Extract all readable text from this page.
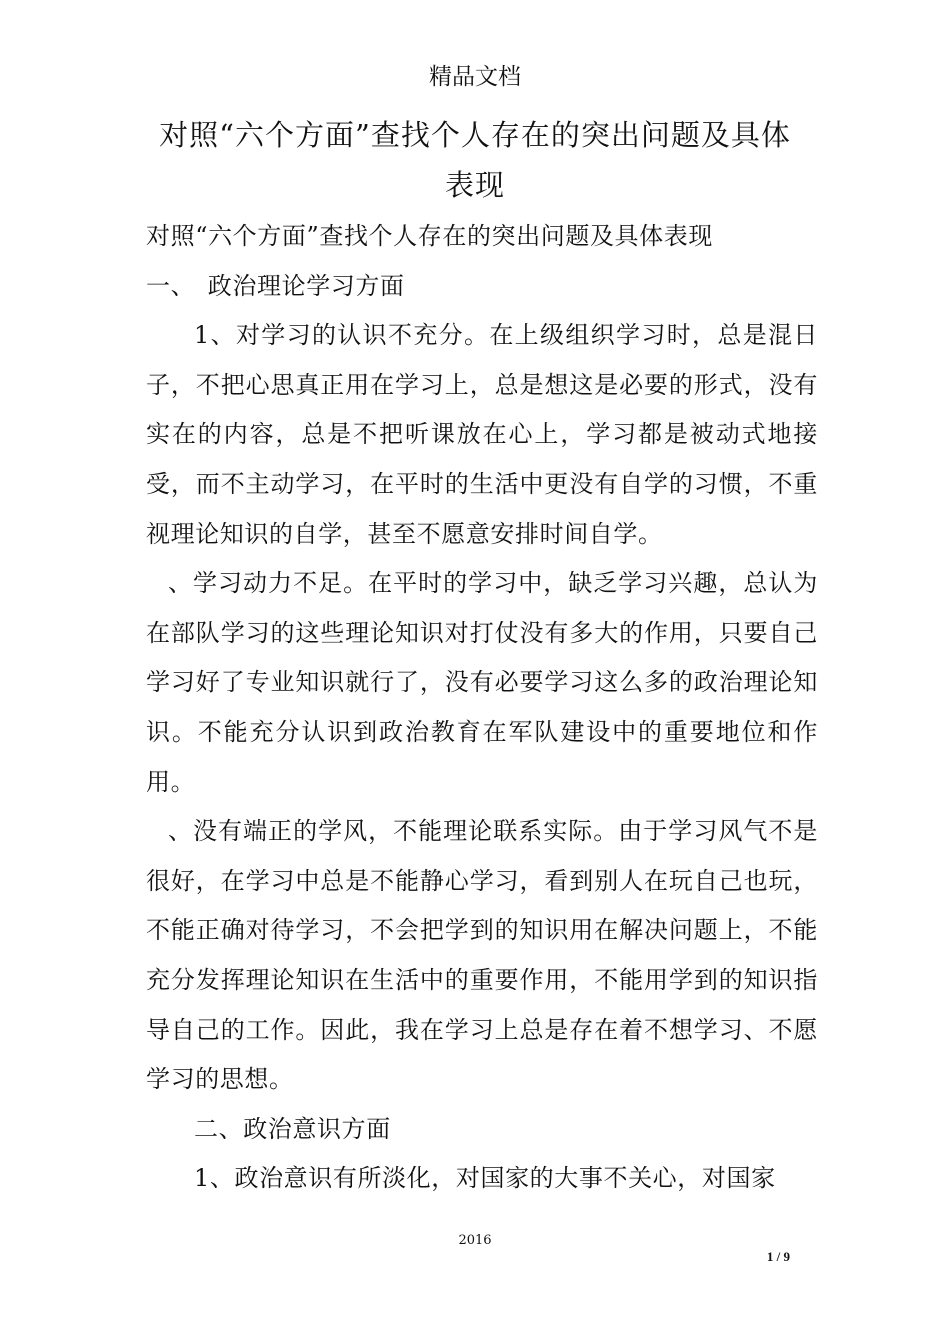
精品文档
对照“六个方面”查找个人存在的突出问题及具体表现

对照“六个方面”查找个人存在的突出问题及具体表现

一、　政治理论学习方面

1、对学习的认识不充分。在上级组织学习时，总是混日子，不把心思真正用在学习上，总是想这是必要的形式，没有实在的内容，总是不把听课放在心上，学习都是被动式地接受，而不主动学习，在平时的生活中更没有自学的习惯，不重视理论知识的自学，甚至不愿意安排时间自学。

、学习动力不足。在平时的学习中，缺乏学习兴趣，总认为在部队学习的这些理论知识对打仗没有多大的作用，只要自己学习好了专业知识就行了，没有必要学习这么多的政治理论知识。不能充分认识到政治教育在军队建设中的重要地位和作用。

、没有端正的学风，不能理论联系实际。由于学习风气不是很好，在学习中总是不能静心学习，看到别人在玩自己也玩，不能正确对待学习，不会把学到的知识用在解决问题上，不能充分发挥理论知识在生活中的重要作用，不能用学到的知识指导自己的工作。因此，我在学习上总是存在着不想学习、不愿学习的思想。

二、政治意识方面

1、政治意识有所淡化，对国家的大事不关心，对国家

2016
1 / 9
